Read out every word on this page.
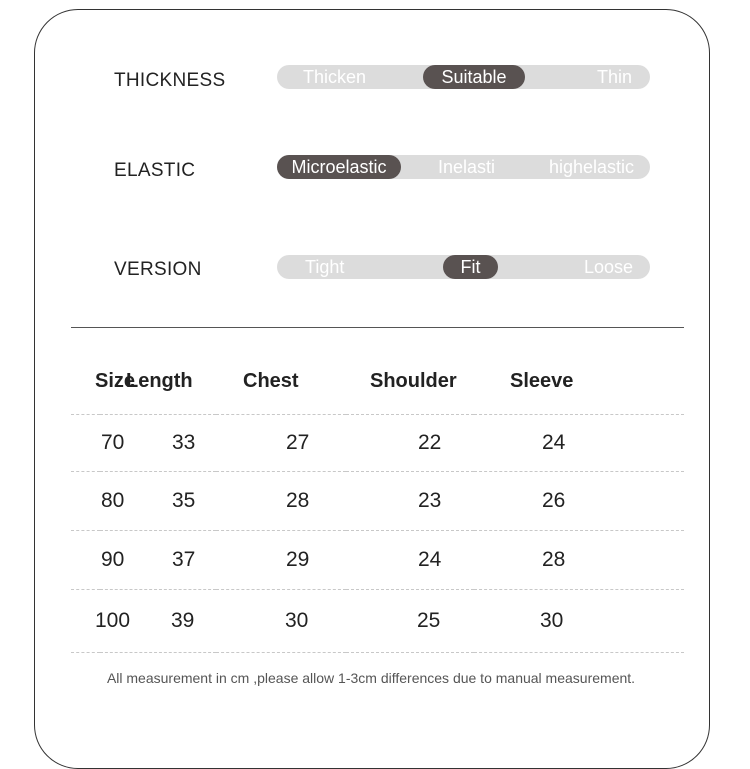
THICKNESS	Thicken	Suitable	Thin
ELASTIC	Microelastic	Inelasti	highelastic
VERSION	Tight	Fit	Loose
Size	Length	Chest	Shoulder	Sleeve
70	33	27	22	24
80	35	28	23	26
90	37	29	24	28
100	39	30	25	30
All measurement in cm ,please allow 1-3cm differences due to manual measurement.
